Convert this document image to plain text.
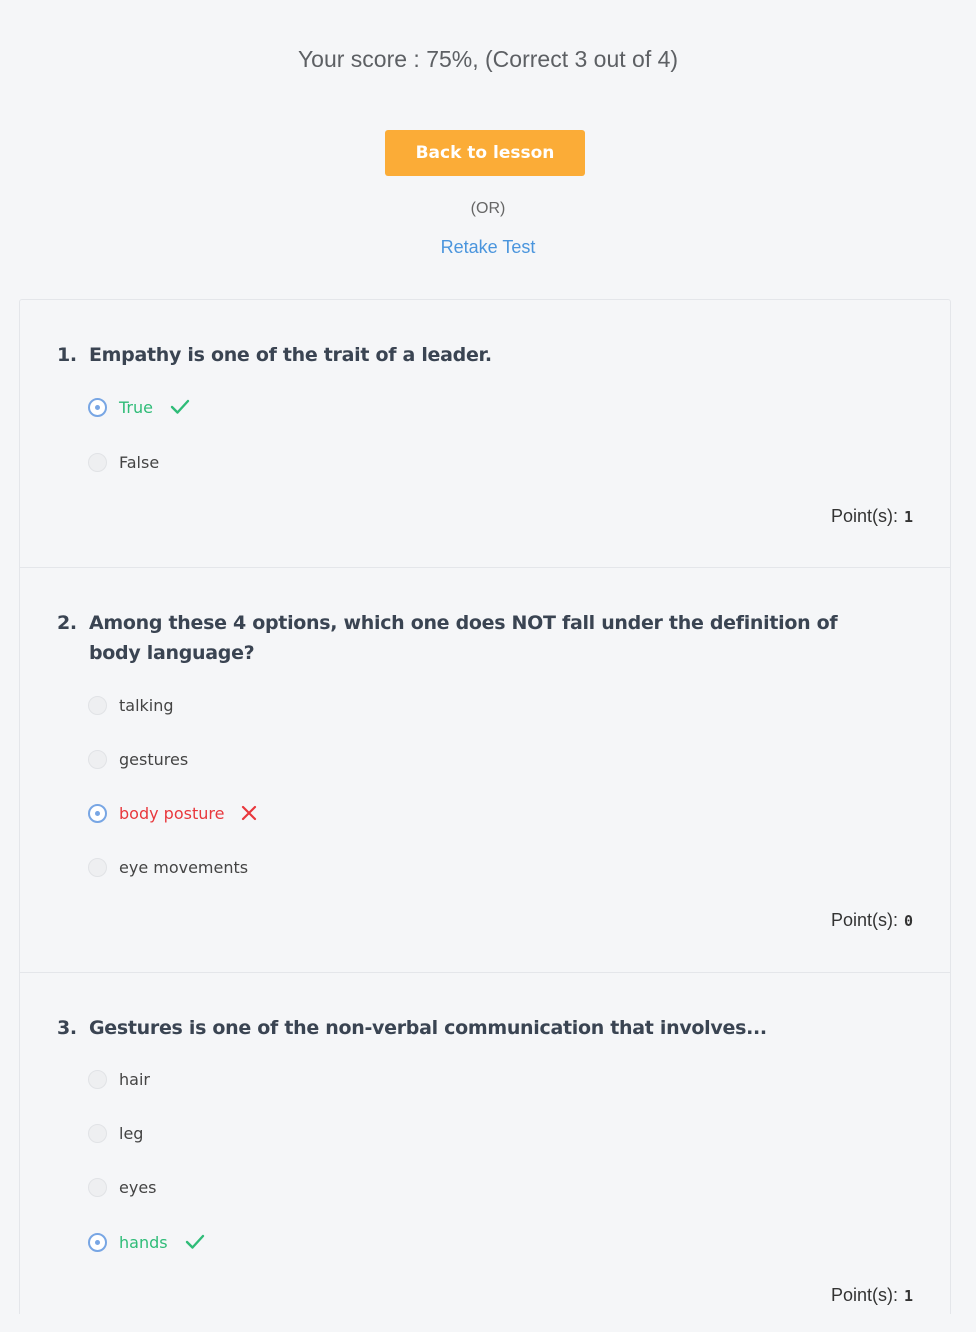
Your score : 75%, (Correct 3 out of 4)
Back to lesson
(OR)
Retake Test
1. Empathy is one of the trait of a leader.
True
False
Point(s): 1
2. Among these 4 options, which one does NOT fall under the definition of body language?
talking
gestures
body posture
eye movements
Point(s): 0
3. Gestures is one of the non-verbal communication that involves...
hair
leg
eyes
hands
Point(s): 1
